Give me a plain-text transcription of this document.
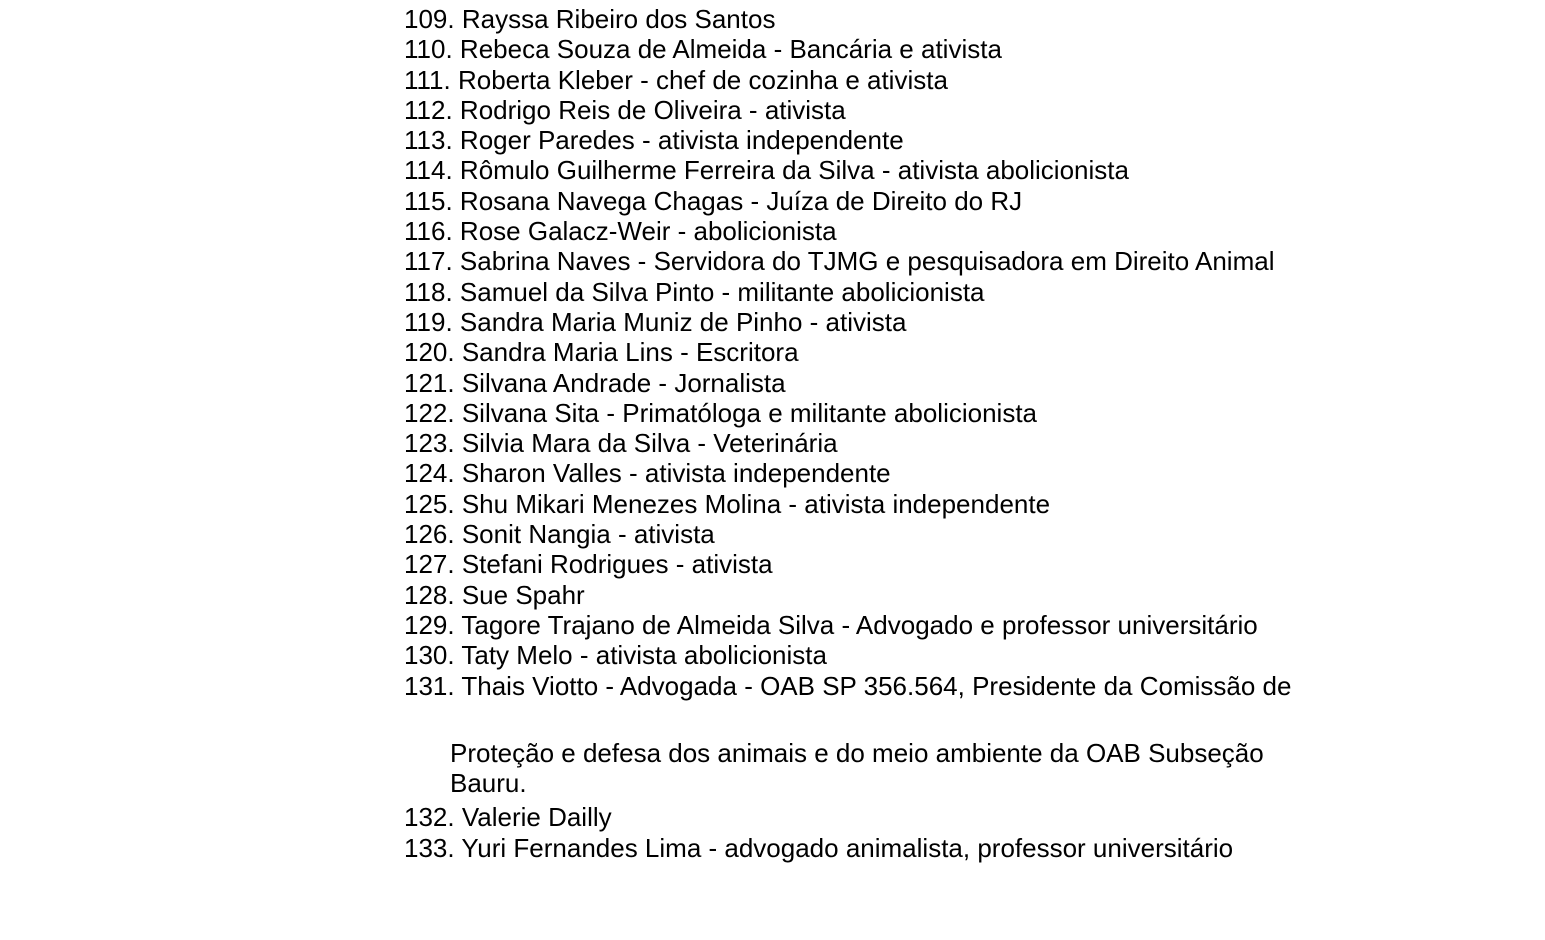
109. Rayssa Ribeiro dos Santos
110. Rebeca Souza de Almeida - Bancária e ativista
111. Roberta Kleber - chef de cozinha e ativista
112. Rodrigo Reis de Oliveira - ativista
113. Roger Paredes - ativista independente
114. Rômulo Guilherme Ferreira da Silva - ativista abolicionista
115. Rosana Navega Chagas - Juíza de Direito do RJ
116. Rose Galacz-Weir - abolicionista
117. Sabrina Naves - Servidora do TJMG e pesquisadora em Direito Animal
118. Samuel da Silva Pinto - militante abolicionista
119. Sandra Maria Muniz de Pinho - ativista
120. Sandra Maria Lins - Escritora
121. Silvana Andrade - Jornalista
122. Silvana Sita - Primatóloga e militante abolicionista
123. Silvia Mara da Silva - Veterinária
124. Sharon Valles - ativista independente
125. Shu Mikari Menezes Molina - ativista independente
126. Sonit Nangia - ativista
127. Stefani Rodrigues - ativista
128. Sue Spahr
129. Tagore Trajano de Almeida Silva - Advogado e professor universitário
130. Taty Melo - ativista abolicionista
131. Thais Viotto - Advogada - OAB SP 356.564, Presidente da Comissão de
Proteção e defesa dos animais e do meio ambiente da OAB Subseção
Bauru.
132. Valerie Dailly
133. Yuri Fernandes Lima - advogado animalista, professor universitário
